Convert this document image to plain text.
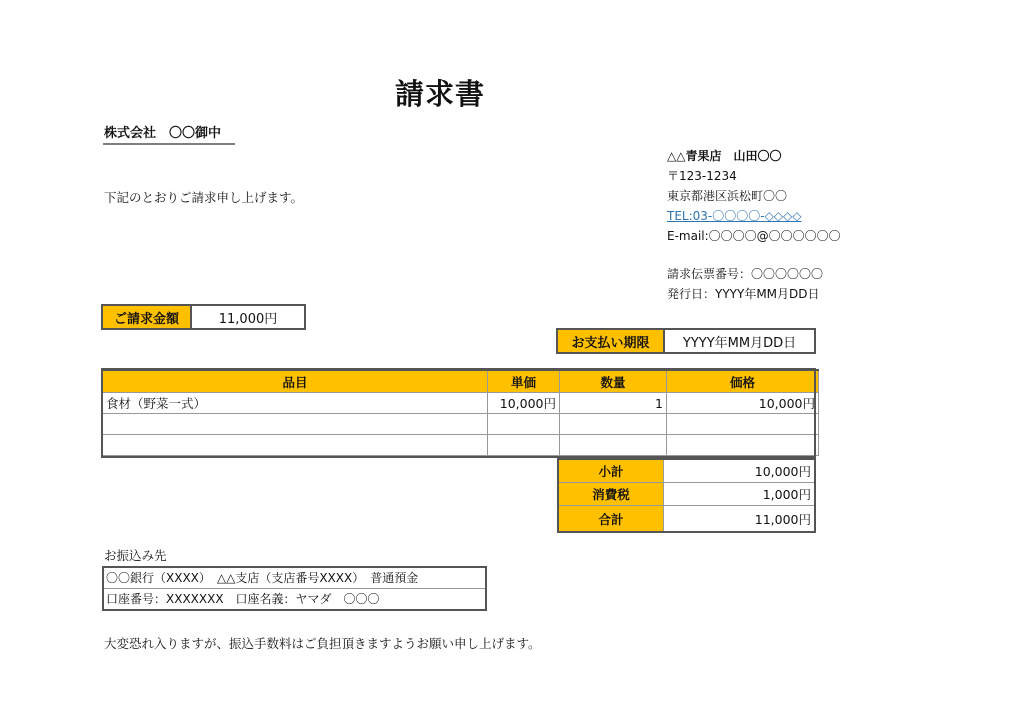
請求書
株式会社　〇〇御中
下記のとおりご請求申し上げます。
△△青果店　山田〇〇
〒123-1234
東京都港区浜松町〇〇
TEL:03-〇〇〇〇-◇◇◇◇
E-mail:〇〇〇〇@〇〇〇〇〇〇
請求伝票番号：〇〇〇〇〇〇
発行日：YYYY年MM月DD日
ご請求金額	11,000円
お支払い期限	YYYY年MM月DD日
品目	単価	数量	価格
食材（野菜一式）	10,000円	1	10,000円

小計	10,000円
消費税	1,000円
合計	11,000円
お振込み先
〇〇銀行（XXXX）　△△支店（支店番号XXXX）　普通預金
口座番号：XXXXXXX　口座名義：ヤマダ　〇〇〇
大変恐れ入りますが、振込手数料はご負担頂きますようお願い申し上げます。
